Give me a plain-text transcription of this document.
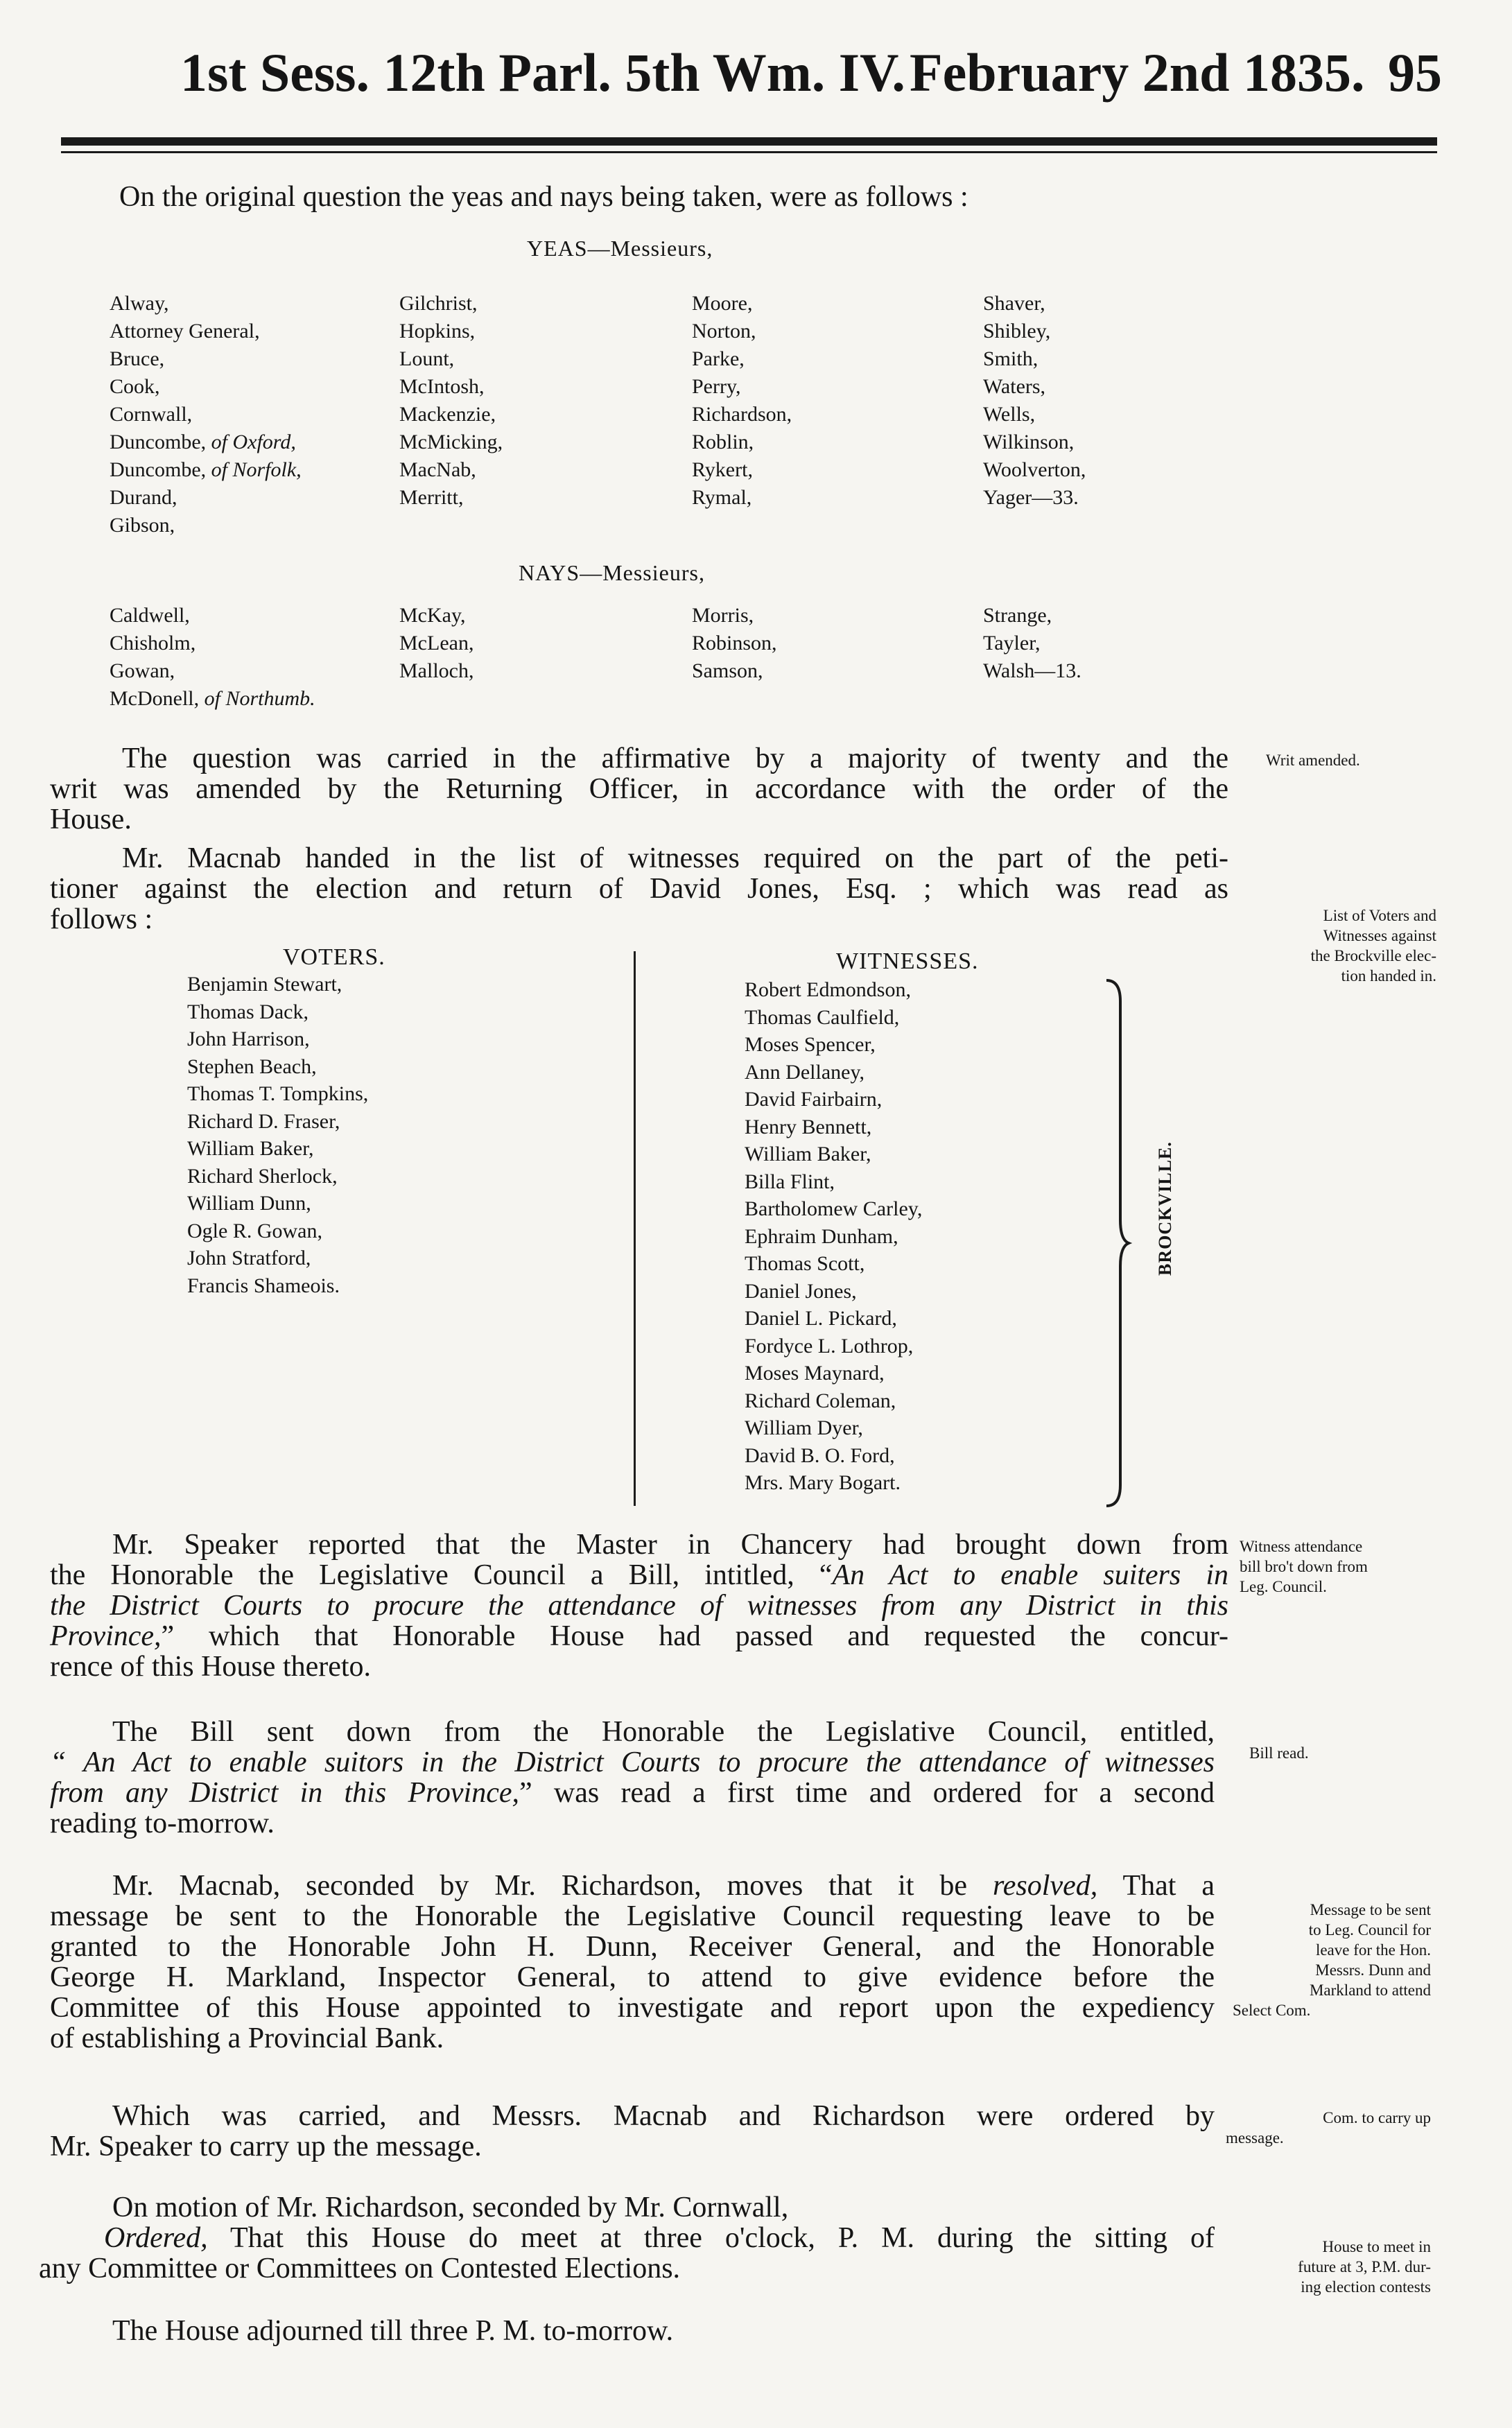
1st Sess. 12th Parl. 5th Wm. IV. February 2nd 1835. 95
On the original question the yeas and nays being taken, were as follows :
YEAS—Messieurs,
Alway,
Attorney General,
Bruce,
Cook,
Cornwall,
Duncombe, of Oxford,
Duncombe, of Norfolk,
Durand,
Gibson,
Gilchrist,
Hopkins,
Lount,
McIntosh,
Mackenzie,
McMicking,
MacNab,
Merritt,
Moore,
Norton,
Parke,
Perry,
Richardson,
Roblin,
Rykert,
Rymal,
Shaver,
Shibley,
Smith,
Waters,
Wells,
Wilkinson,
Woolverton,
Yager—33.
NAYS—Messieurs,
Caldwell,
Chisholm,
Gowan,
McDonell, of Northumb.
McKay,
McLean,
Malloch,
Morris,
Robinson,
Samson,
Strange,
Tayler,
Walsh—13.
The question was carried in the affirmative by a majority of twenty and the
writ was amended by the Returning Officer, in accordance with the order of the
House.
Mr. Macnab handed in the list of witnesses required on the part of the peti-
tioner against the election and return of David Jones, Esq. ; which was read as
follows :
VOTERS.
Benjamin Stewart,
Thomas Dack,
John Harrison,
Stephen Beach,
Thomas T. Tompkins,
Richard D. Fraser,
William Baker,
Richard Sherlock,
William Dunn,
Ogle R. Gowan,
John Stratford,
Francis Shameois.
WITNESSES.
Robert Edmondson,
Thomas Caulfield,
Moses Spencer,
Ann Dellaney,
David Fairbairn,
Henry Bennett,
William Baker,
Billa Flint,
Bartholomew Carley,
Ephraim Dunham,
Thomas Scott,
Daniel Jones,
Daniel L. Pickard,
Fordyce L. Lothrop,
Moses Maynard,
Richard Coleman,
William Dyer,
David B. O. Ford,
Mrs. Mary Bogart.
BROCKVILLE.
Mr. Speaker reported that the Master in Chancery had brought down from
the Honorable the Legislative Council a Bill, intitled, “An Act to enable suiters in
the District Courts to procure the attendance of witnesses from any District in this
Province,” which that Honorable House had passed and requested the concur-
rence of this House thereto.
The Bill sent down from the Honorable the Legislative Council, entitled,
“ An Act to enable suitors in the District Courts to procure the attendance of witnesses
from any District in this Province,” was read a first time and ordered for a second
reading to-morrow.
Mr. Macnab, seconded by Mr. Richardson, moves that it be resolved, That a
message be sent to the Honorable the Legislative Council requesting leave to be
granted to the Honorable John H. Dunn, Receiver General, and the Honorable
George H. Markland, Inspector General, to attend to give evidence before the
Committee of this House appointed to investigate and report upon the expediency
of establishing a Provincial Bank.
Which was carried, and Messrs. Macnab and Richardson were ordered by
Mr. Speaker to carry up the message.
On motion of Mr. Richardson, seconded by Mr. Cornwall,
Ordered, That this House do meet at three o'clock, P. M. during the sitting of
any Committee or Committees on Contested Elections.
The House adjourned till three P. M. to-morrow.
Writ amended.
List of Voters and
Witnesses against
the Brockville elec-
tion handed in.
Witness attendance
bill bro't down from
Leg. Council.
Bill read.
Message to be sent
to Leg. Council for
leave for the Hon.
Messrs. Dunn and
Markland to attend
Select Com.
Com. to carry up
message.
House to meet in
future at 3, P.M. dur-
ing election contests
